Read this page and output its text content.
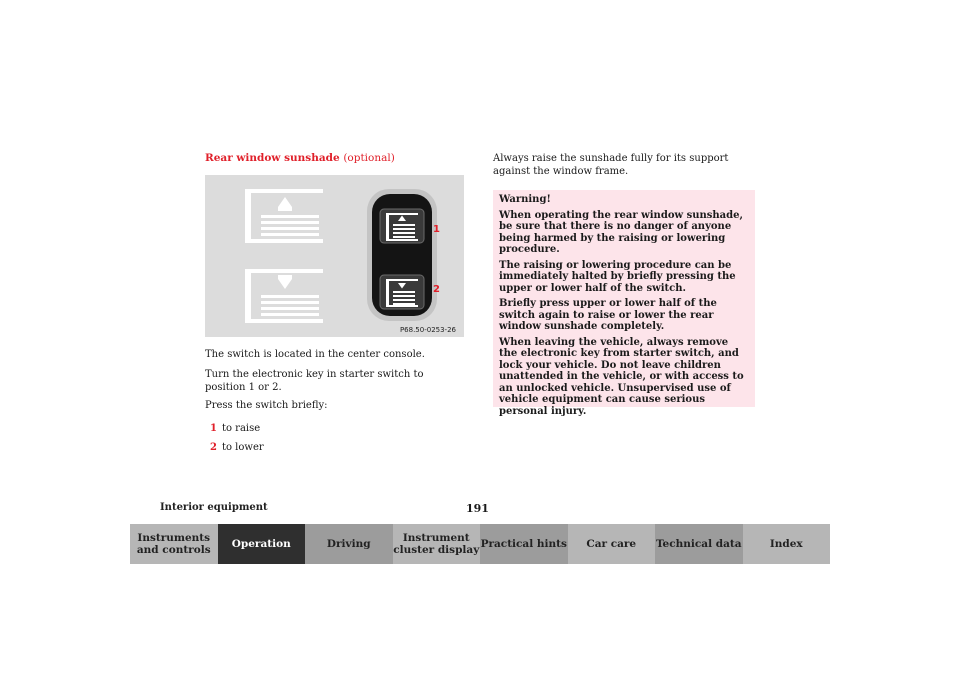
Rear window sunshade (optional)
1
2
P68.50-0253-26
The switch is located in the center console.
Turn the electronic key in starter switch to position 1 or 2.
Press the switch briefly:
1 to raise
2 to lower
Always raise the sunshade fully for its support against the window frame.
Warning!

When operating the rear window sunshade, be sure that there is no danger of anyone being harmed by the raising or lowering procedure.

The raising or lowering procedure can be immediately halted by briefly pressing the upper or lower half of the switch.

Briefly press upper or lower half of the switch again to raise or lower the rear window sunshade completely.

When leaving the vehicle, always remove the electronic key from starter switch, and lock your vehicle. Do not leave children unattended in the vehicle, or with access to an unlocked vehicle. Unsupervised use of vehicle equipment can cause serious personal injury.

Interior equipment	191
Instruments and controls	Operation	Driving	Instrument cluster display Practical hints	Car care	Technical data	Index
